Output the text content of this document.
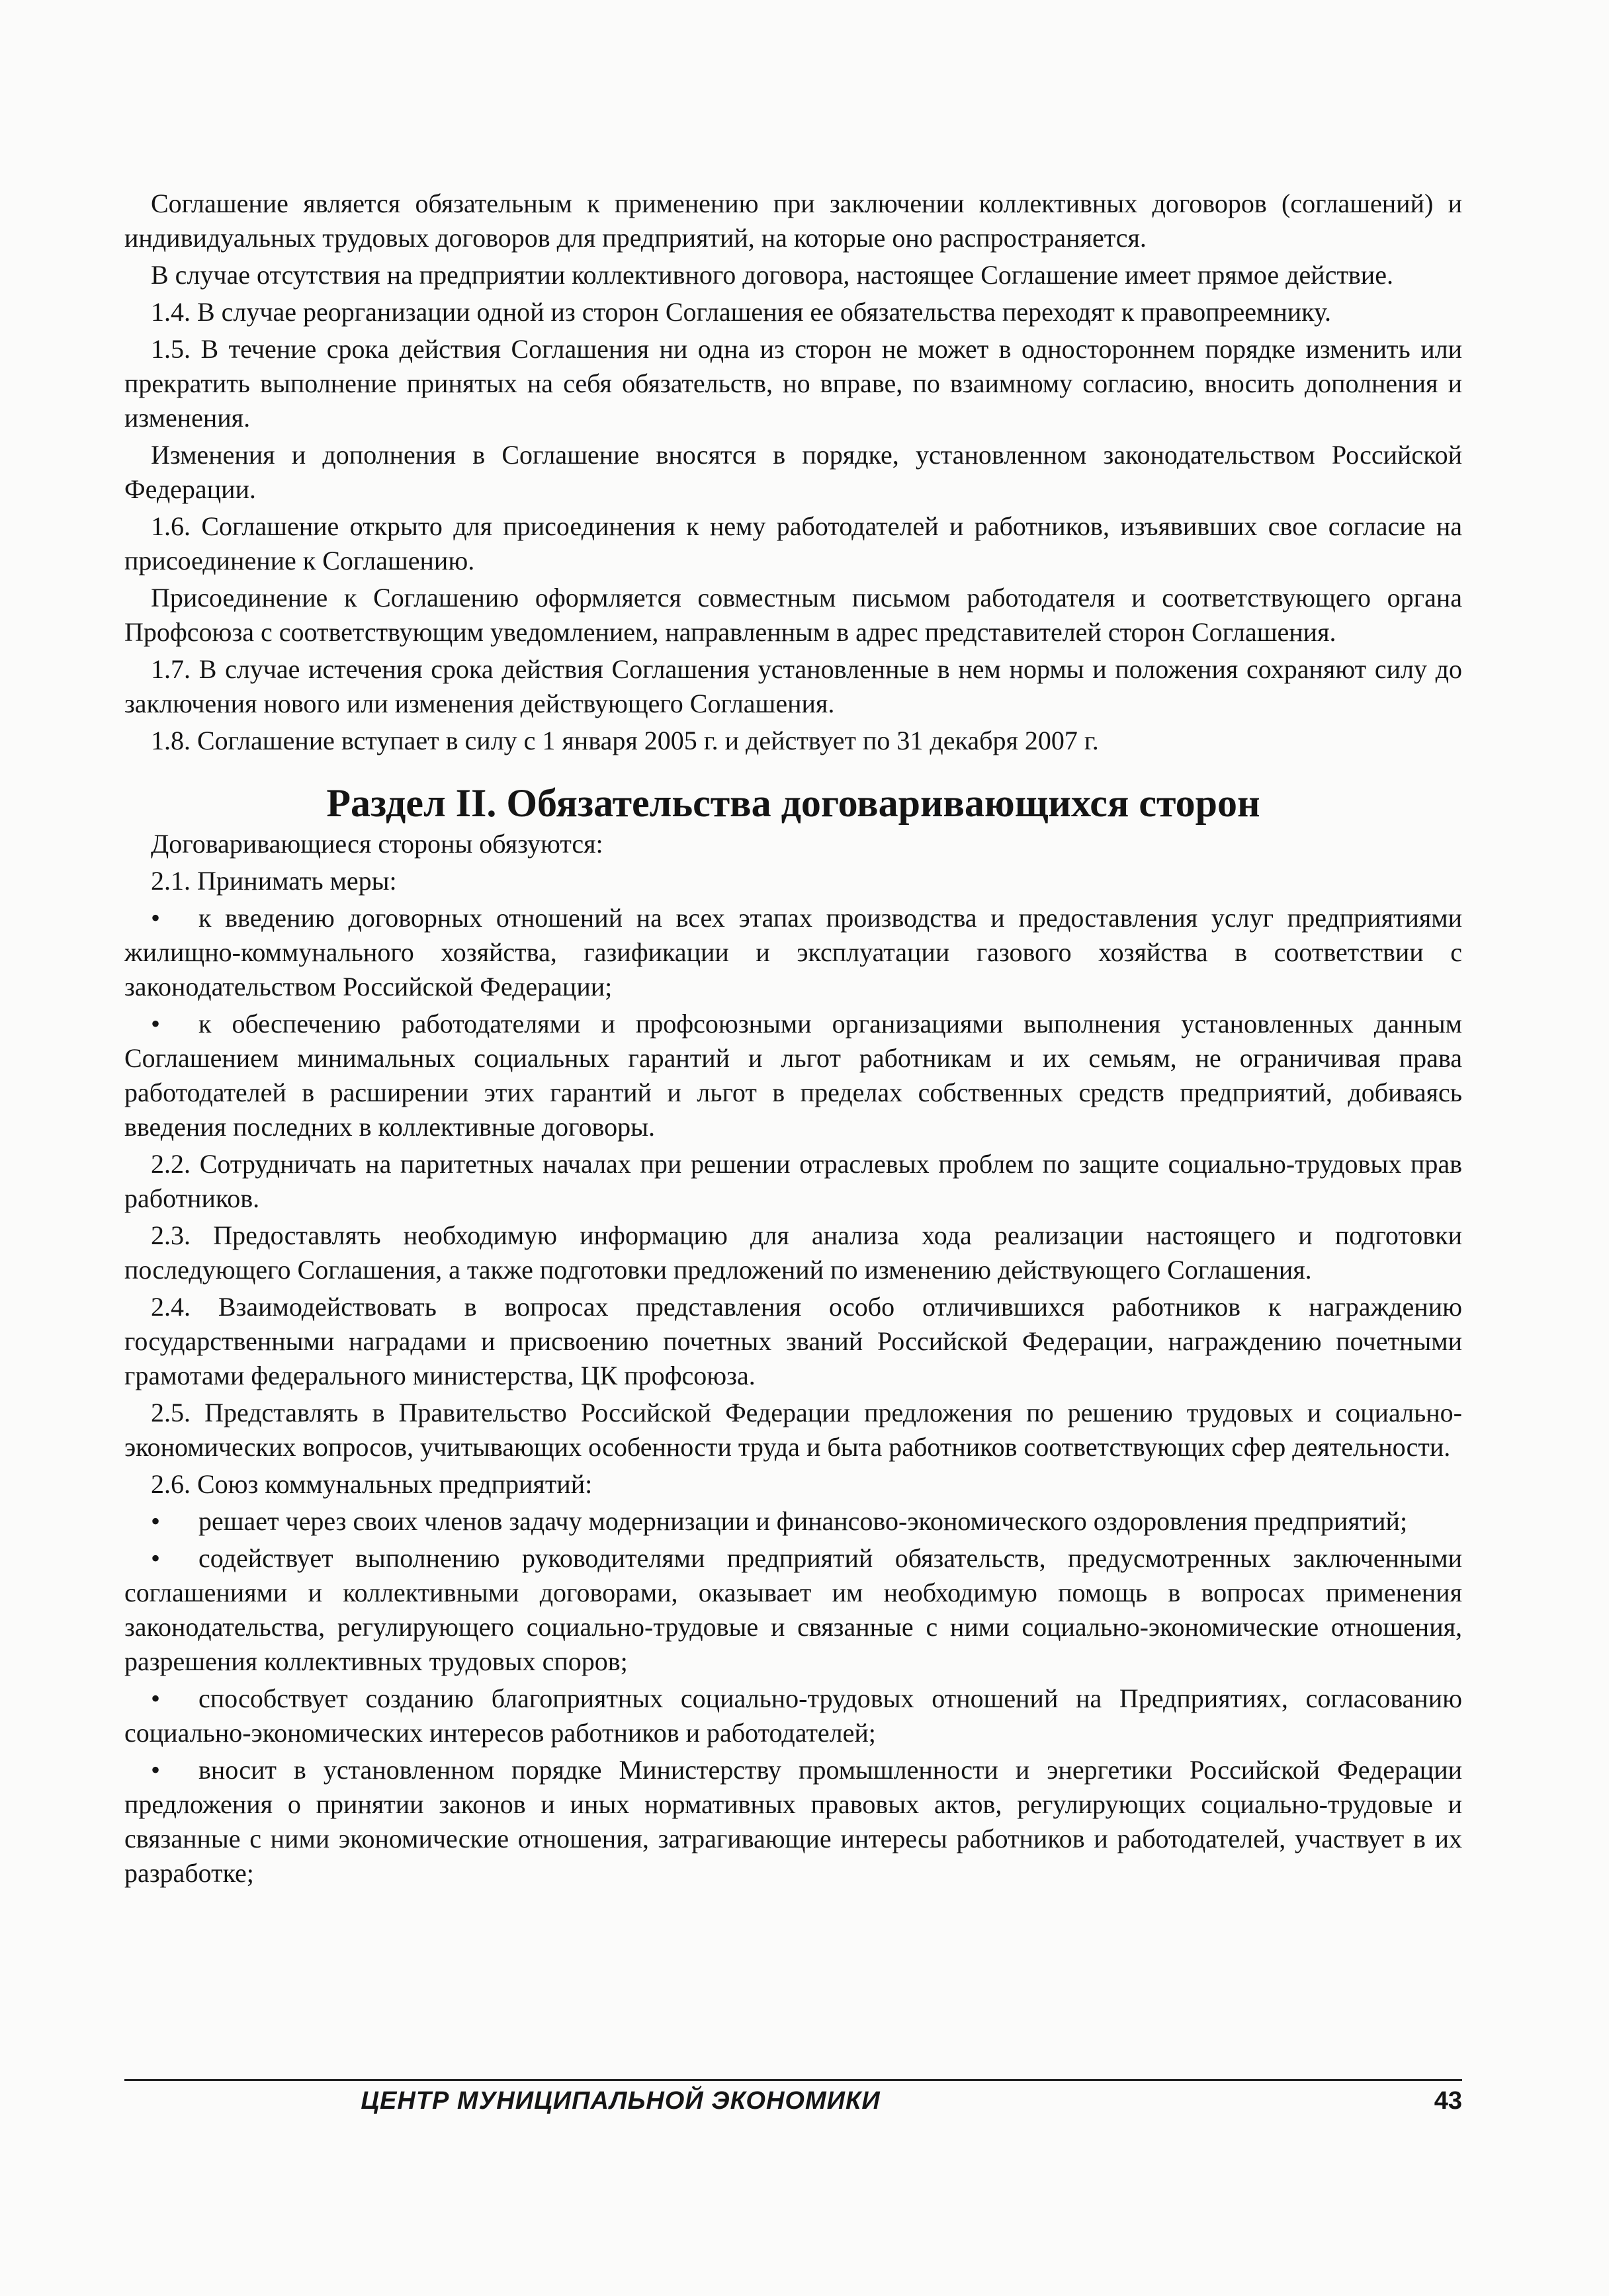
Соглашение является обязательным к применению при заключении коллективных договоров (соглашений) и индивидуальных трудовых договоров для предприятий, на которые оно распространяется.

В случае отсутствия на предприятии коллективного договора, настоящее Соглашение имеет прямое действие.

1.4. В случае реорганизации одной из сторон Соглашения ее обязательства переходят к правопреемнику.

1.5. В течение срока действия Соглашения ни одна из сторон не может в одностороннем порядке изменить или прекратить выполнение принятых на себя обязательств, но вправе, по взаимному согласию, вносить дополнения и изменения.

Изменения и дополнения в Соглашение вносятся в порядке, установленном законодательством Российской Федерации.

1.6. Соглашение открыто для присоединения к нему работодателей и работников, изъявивших свое согласие на присоединение к Соглашению.

Присоединение к Соглашению оформляется совместным письмом работодателя и соответствующего органа Профсоюза с соответствующим уведомлением, направленным в адрес представителей сторон Соглашения.

1.7. В случае истечения срока действия Соглашения установленные в нем нормы и положения сохраняют силу до заключения нового или изменения действующего Соглашения.

1.8. Соглашение вступает в силу с 1 января 2005 г. и действует по 31 декабря 2007 г.

Раздел II. Обязательства договаривающихся сторон

Договаривающиеся стороны обязуются:

2.1. Принимать меры:

• к введению договорных отношений на всех этапах производства и предоставления услуг предприятиями жилищно-коммунального хозяйства, газификации и эксплуатации газового хозяйства в соответствии с законодательством Российской Федерации;

• к обеспечению работодателями и профсоюзными организациями выполнения установленных данным Соглашением минимальных социальных гарантий и льгот работникам и их семьям, не ограничивая права работодателей в расширении этих гарантий и льгот в пределах собственных средств предприятий, добиваясь введения последних в коллективные договоры.

2.2. Сотрудничать на паритетных началах при решении отраслевых проблем по защите социально-трудовых прав работников.

2.3. Предоставлять необходимую информацию для анализа хода реализации настоящего и подготовки последующего Соглашения, а также подготовки предложений по изменению действующего Соглашения.

2.4. Взаимодействовать в вопросах представления особо отличившихся работников к награждению государственными наградами и присвоению почетных званий Российской Федерации, награждению почетными грамотами федерального министерства, ЦК профсоюза.

2.5. Представлять в Правительство Российской Федерации предложения по решению трудовых и социально-экономических вопросов, учитывающих особенности труда и быта работников соответствующих сфер деятельности.

2.6. Союз коммунальных предприятий:

• решает через своих членов задачу модернизации и финансово-экономического оздоровления предприятий;

• содействует выполнению руководителями предприятий обязательств, предусмотренных заключенными соглашениями и коллективными договорами, оказывает им необходимую помощь в вопросах применения законодательства, регулирующего социально-трудовые и связанные с ними социально-экономические отношения, разрешения коллективных трудовых споров;

• способствует созданию благоприятных социально-трудовых отношений на Предприятиях, согласованию социально-экономических интересов работников и работодателей;

• вносит в установленном порядке Министерству промышленности и энергетики Российской Федерации предложения о принятии законов и иных нормативных правовых актов, регулирующих социально-трудовые и связанные с ними экономические отношения, затрагивающие интересы работников и работодателей, участвует в их разработке;

ЦЕНТР МУНИЦИПАЛЬНОЙ ЭКОНОМИКИ	43
